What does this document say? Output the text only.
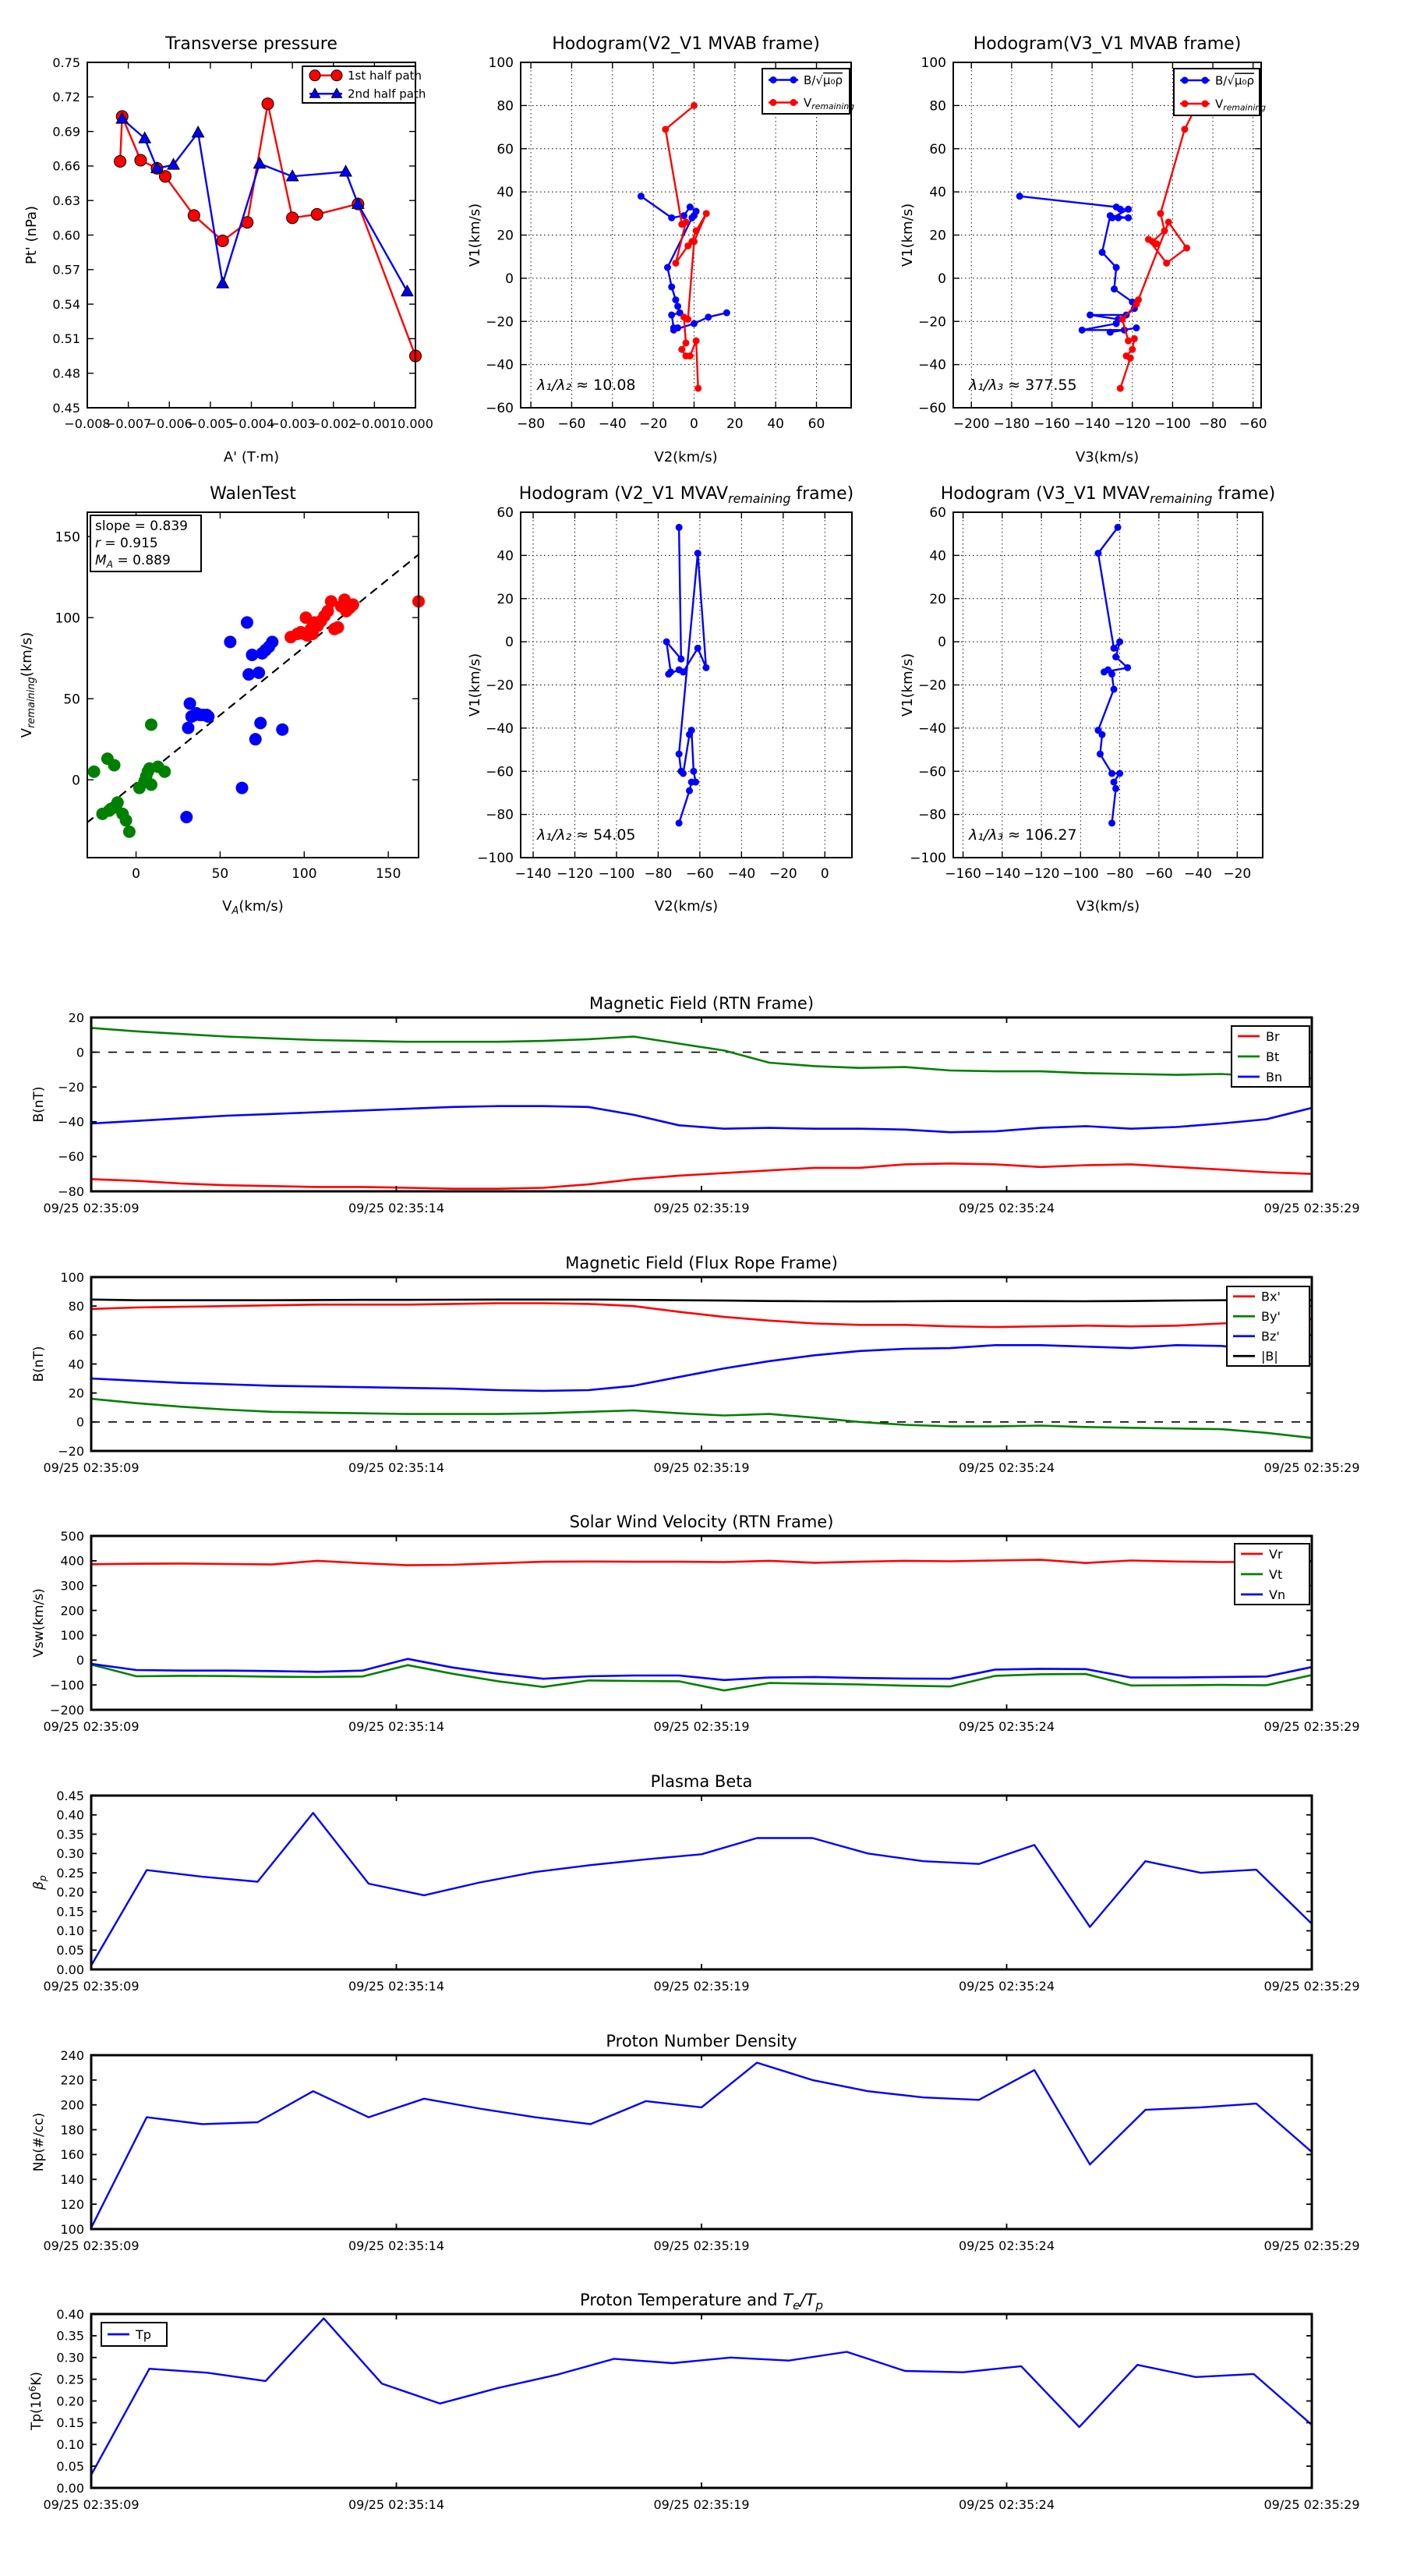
−0.008
−0.007
−0.006
−0.005
−0.004
−0.003
−0.002
−0.001 0.000
0.45
0.48
0.51
0.54
0.57
0.60
0.63
0.66
0.69
0.72
0.75
Transverse pressure
A' (T·m)
Pt' (nPa)
1st half path
2nd half path
−80 −60 −40 −20 0 20 40 60
−60
−40
−20
0
20
40
60
80
100
Hodogram(V2_V1 MVAB frame)
V2(km/s)
V1(km/s)
B/√μ₀ρ
$V_{remaining}$
λ₁/λ₂ ≈ 10.08
−200 −180 −160 −140 −120 −100 −80 −60
−60
−40
−20
0
20
40
60
80
100
Hodogram(V3_V1 MVAB frame)
V3(km/s)
V1(km/s)
B/√μ₀ρ
$V_{remaining}$
λ₁/λ₃ ≈ 377.55
0	50	100	150
0
50
100
150
WalenTest
$V_A(km/s)$
$V_{remaining}(km/s)$
slope = 0.839
r = 0.915
$M_A = 0.889$
−140 −120 −100 −80 −60 −40 −20 0
−100
−80
−60
−40
−20
0
20
40
60
Hodogram (V2_V1 $MVAV_{remaining}$ frame)
V2(km/s)
V1(km/s)
λ₁/λ₂ ≈ 54.05
−160 −140 −120 −100 −80 −60 −40 −20
−100
−80
−60
−40
−20
0
20
40
60
Hodogram (V3_V1 $MVAV_{remaining}$ frame)
V3(km/s)
V1(km/s)
λ₁/λ₃ ≈ 106.27
09/25 02:35:09	09/25 02:35:14	09/25 02:35:19	09/25 02:35:24	09/25 02:35:29
−80
−60
−40
−20
0
20
Magnetic Field (RTN Frame)
B(nT)
Br
Bt
Bn
09/25 02:35:09	09/25 02:35:14	09/25 02:35:19	09/25 02:35:24	09/25 02:35:29
−20
0
20
40
60
80
100
Magnetic Field (Flux Rope Frame)
B(nT)
Bx'
By'
Bz'
|B|
09/25 02:35:09	09/25 02:35:14	09/25 02:35:19	09/25 02:35:24	09/25 02:35:29
−200
−100
0
100
200
300
400
500
Solar Wind Velocity (RTN Frame)
Vsw(km/s)
Vr
Vt
Vn
09/25 02:35:09	09/25 02:35:14	09/25 02:35:19	09/25 02:35:24	09/25 02:35:29
0.00
0.05
0.10
0.15
0.20
0.25
0.30
0.35
0.40
0.45
Plasma Beta
$\beta_p$
09/25 02:35:09	09/25 02:35:14	09/25 02:35:19	09/25 02:35:24	09/25 02:35:29
100
120
140
160
180
200
220
240
Proton Number Density
Np(#/cc)
09/25 02:35:09	09/25 02:35:14	09/25 02:35:19	09/25 02:35:24	09/25 02:35:29
0.00
0.05
0.10
0.15
0.20
0.25
0.30
0.35
0.40
Proton Temperature and $T_e/T_p$
$Tp(10^6K)$
Tp
